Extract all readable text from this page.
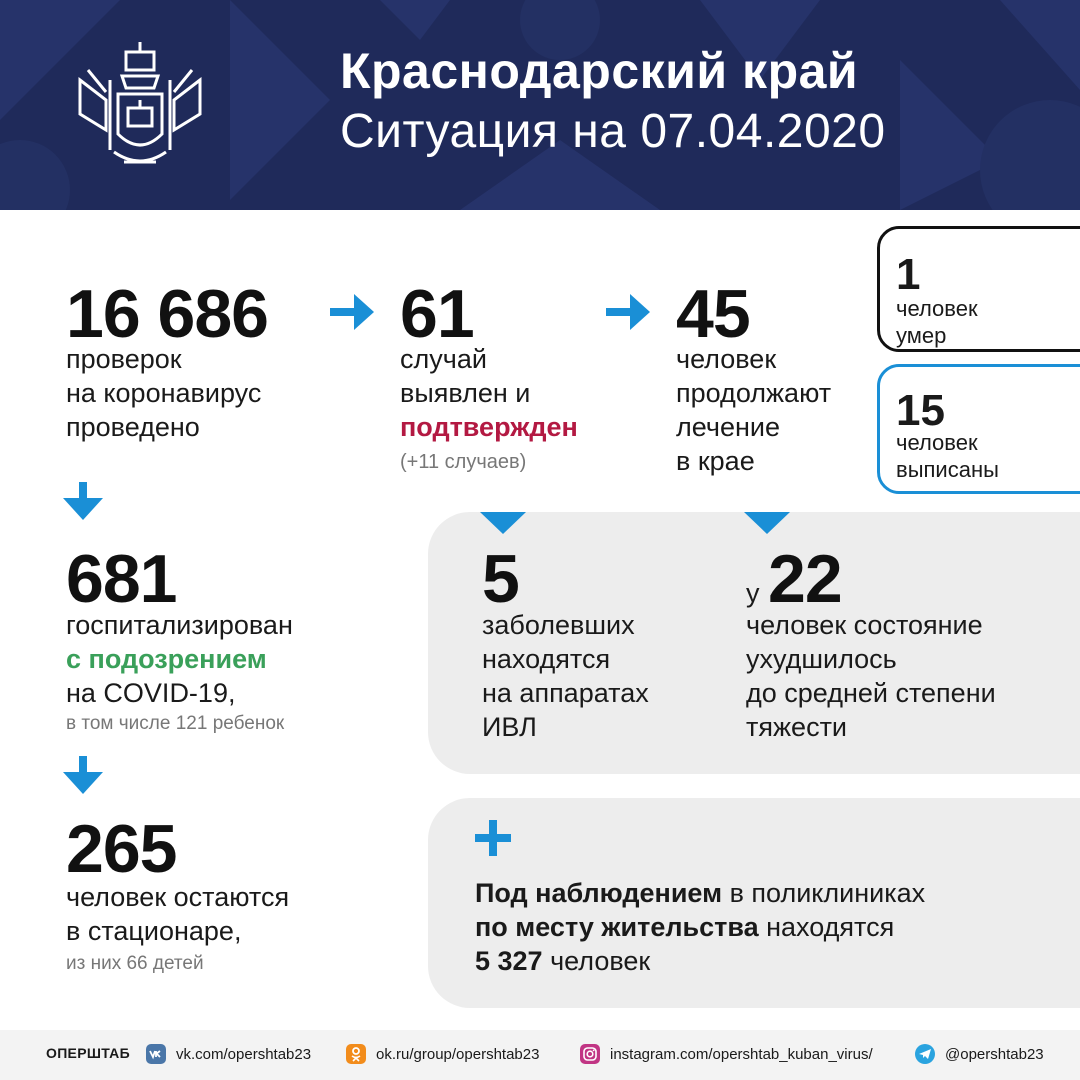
Краснодарский край
Ситуация на 07.04.2020
16 686
проверок
на коронавирус
проведено
61
случай
выявлен и
подтвержден
(+11 случаев)
45
человек
продолжают
лечение
в крае
1
человек
умер
15
человек
выписаны
681
госпитализирован
с подозрением
на COVID-19,
в том числе 121 ребенок
5
заболевших
находятся
на аппаратах
ИВЛ
у 22
человек состояние
ухудшилось
до средней степени
тяжести
265
человек остаются
в стационаре,
из них 66 детей
Под наблюдением в поликлиниках
по месту жительства находятся
5 327 человек
ОПЕРШТАБ	vk.com/opershtab23	ok.ru/group/opershtab23	instagram.com/opershtab_kuban_virus/	@opershtab23
